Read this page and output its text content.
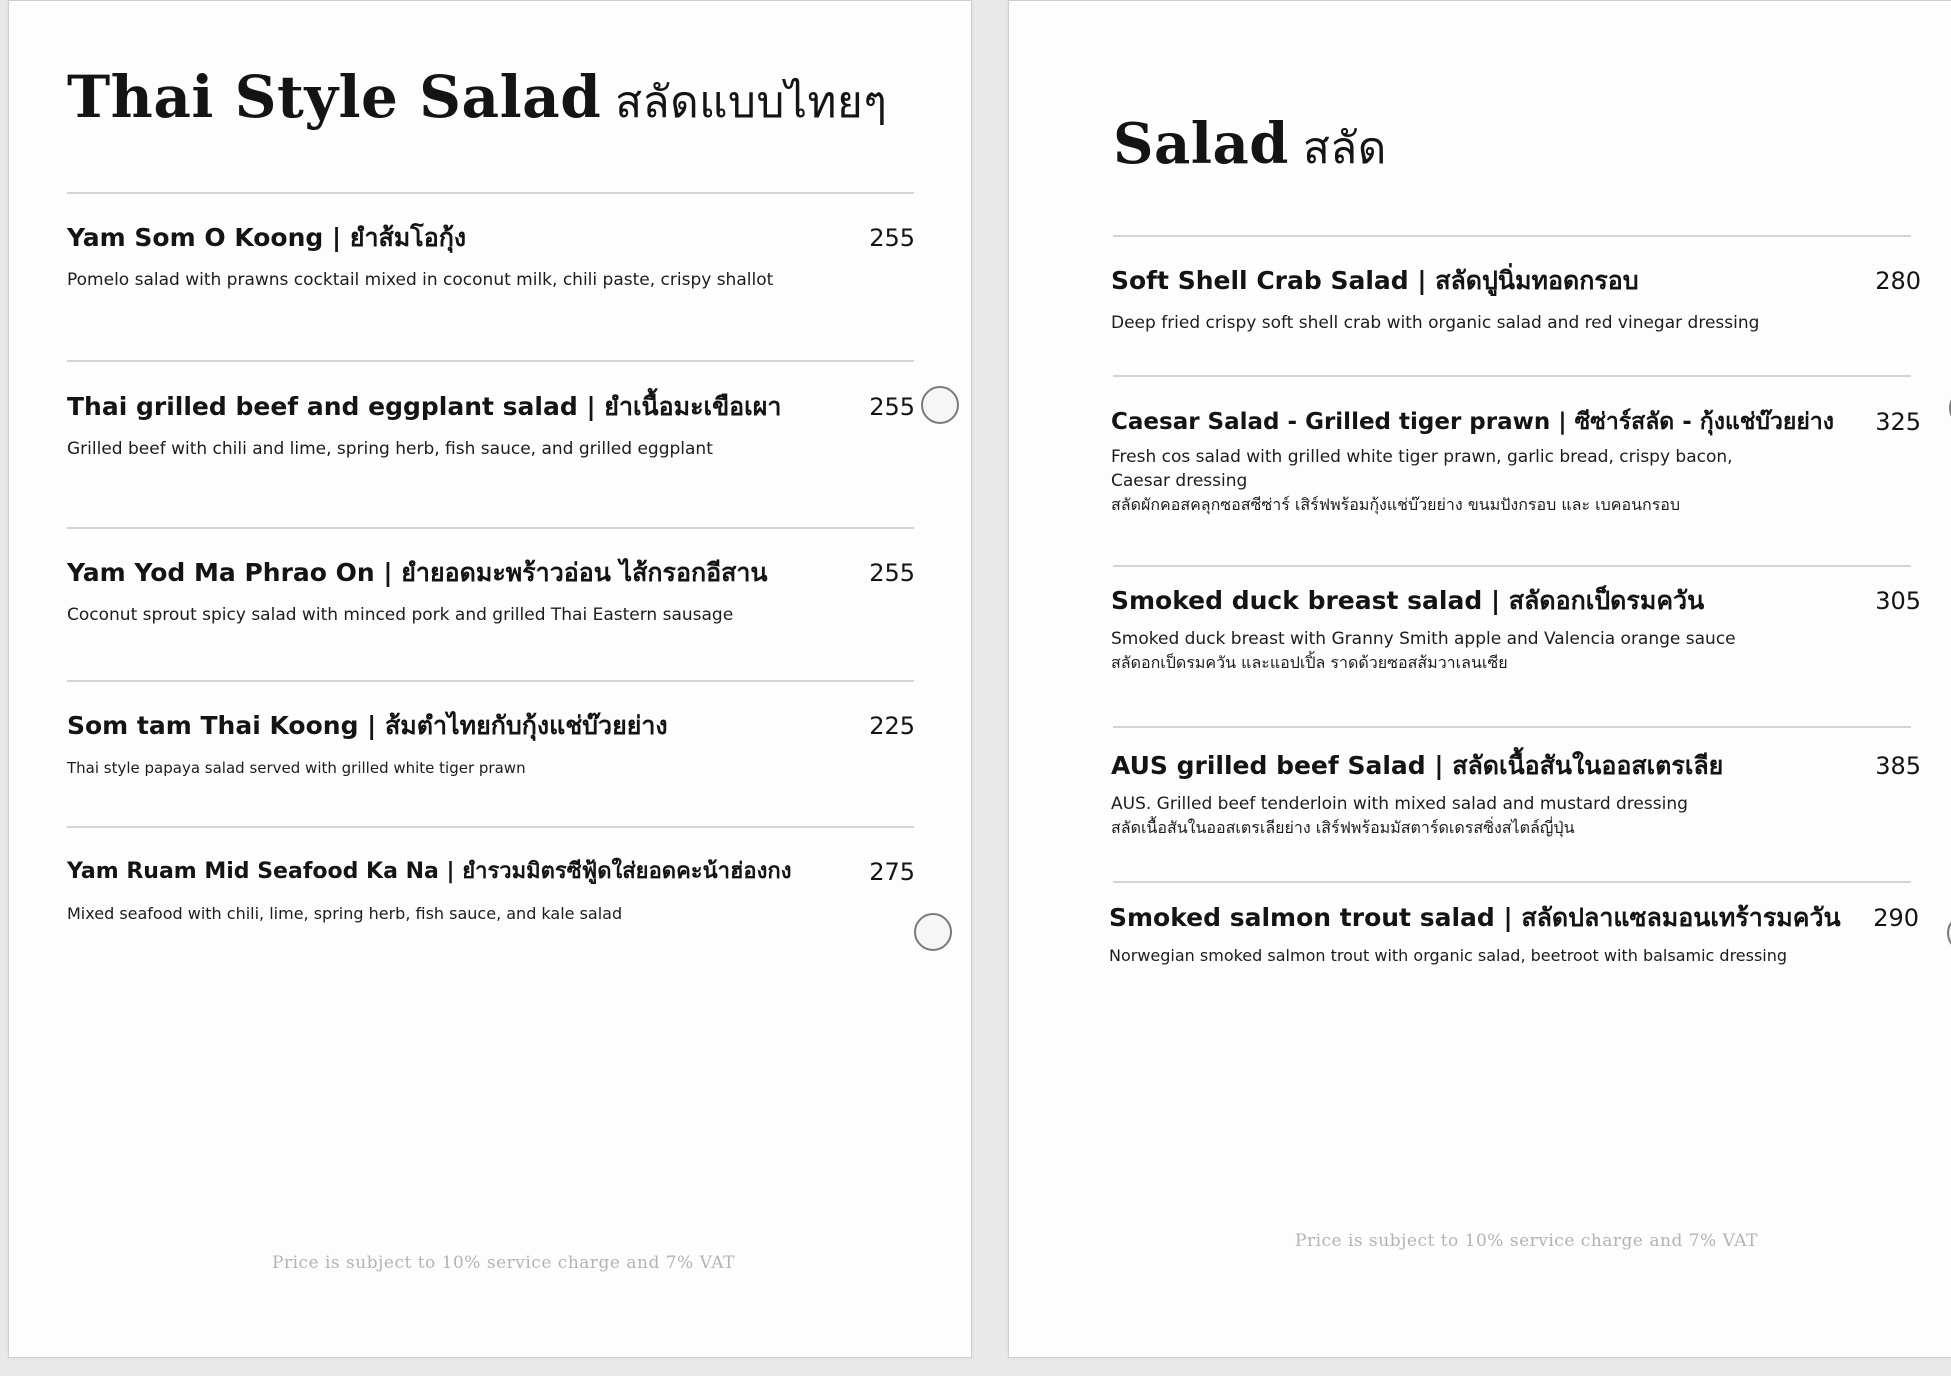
Thai Style Salad สลัดแบบไทยๆ
Yam Som O Koong | ยำส้มโอกุ้ง	255
Pomelo salad with prawns cocktail mixed in coconut milk, chili paste, crispy shallot
Thai grilled beef and eggplant salad | ยำเนื้อมะเขือเผา	255
Grilled beef with chili and lime, spring herb, fish sauce, and grilled eggplant
Yam Yod Ma Phrao On | ยำยอดมะพร้าวอ่อน ไส้กรอกอีสาน	255
Coconut sprout spicy salad with minced pork and grilled Thai Eastern sausage
Som tam Thai Koong | ส้มตำไทยกับกุ้งแช่บ๊วยย่าง	225
Thai style papaya salad served with grilled white tiger prawn
Yam Ruam Mid Seafood Ka Na | ยำรวมมิตรซีฟู้ดใส่ยอดคะน้าฮ่องกง	275
Mixed seafood with chili, lime, spring herb, fish sauce, and kale salad

Price is subject to 10% service charge and 7% VAT

Salad สลัด
Soft Shell Crab Salad | สลัดปูนิ่มทอดกรอบ	280
Deep fried crispy soft shell crab with organic salad and red vinegar dressing
Caesar Salad - Grilled tiger prawn | ซีซ่าร์สลัด - กุ้งแช่บ๊วยย่าง 325
Fresh cos salad with grilled white tiger prawn, garlic bread, crispy bacon,
Caesar dressing
สลัดผักคอสคลุกซอสซีซ่าร์ เสิร์ฟพร้อมกุ้งแช่บ๊วยย่าง ขนมปังกรอบ และ เบคอนกรอบ
Smoked duck breast salad | สลัดอกเป็ดรมควัน	305
Smoked duck breast with Granny Smith apple and Valencia orange sauce
สลัดอกเป็ดรมควัน และแอปเปิ้ล ราดด้วยซอสส้มวาเลนเซีย
AUS grilled beef Salad | สลัดเนื้อสันในออสเตรเลีย	385
AUS. Grilled beef tenderloin with mixed salad and mustard dressing
สลัดเนื้อสันในออสเตรเลียย่าง เสิร์ฟพร้อมมัสตาร์ดเดรสซิ่งสไตล์ญี่ปุ่น
Smoked salmon trout salad | สลัดปลาแซลมอนเทร้ารมควัน 290
Norwegian smoked salmon trout with organic salad, beetroot with balsamic dressing

Price is subject to 10% service charge and 7% VAT
